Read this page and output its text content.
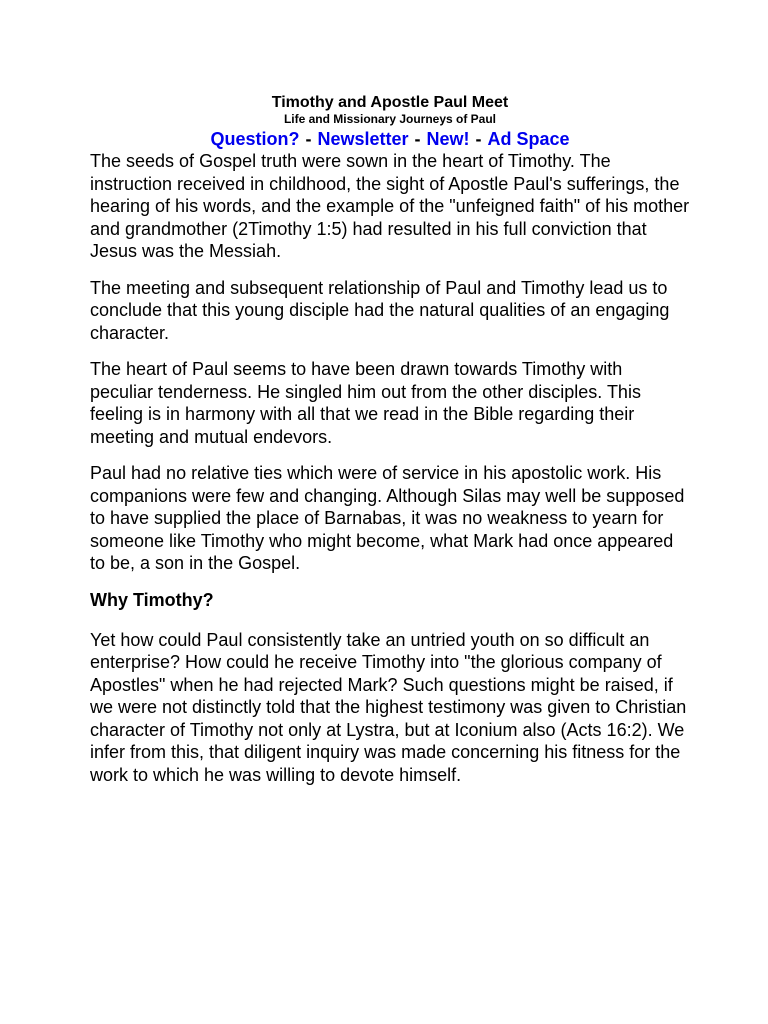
Timothy and Apostle Paul Meet

Life and Missionary Journeys of Paul

Question? - Newsletter - New! - Ad Space

The seeds of Gospel truth were sown in the heart of Timothy. The instruction received in childhood, the sight of Apostle Paul's sufferings, the hearing of his words, and the example of the "unfeigned faith" of his mother and grandmother (2Timothy 1:5) had resulted in his full conviction that Jesus was the Messiah.

The meeting and subsequent relationship of Paul and Timothy lead us to conclude that this young disciple had the natural qualities of an engaging character.

The heart of Paul seems to have been drawn towards Timothy with peculiar tenderness. He singled him out from the other disciples. This feeling is in harmony with all that we read in the Bible regarding their meeting and mutual endevors.

Paul had no relative ties which were of service in his apostolic work. His companions were few and changing. Although Silas may well be supposed to have supplied the place of Barnabas, it was no weakness to yearn for someone like Timothy who might become, what Mark had once appeared to be, a son in the Gospel.

Why Timothy?

Yet how could Paul consistently take an untried youth on so difficult an enterprise? How could he receive Timothy into "the glorious company of Apostles" when he had rejected Mark? Such questions might be raised, if we were not distinctly told that the highest testimony was given to Christian character of Timothy not only at Lystra, but at Iconium also (Acts 16:2). We infer from this, that diligent inquiry was made concerning his fitness for the work to which he was willing to devote himself.
